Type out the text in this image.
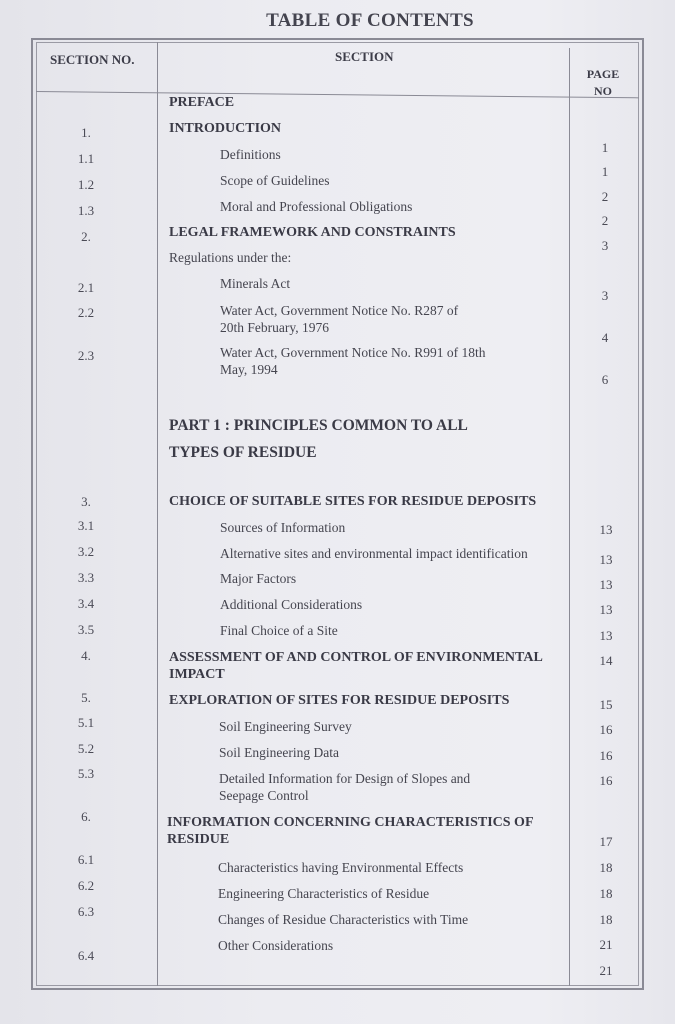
TABLE OF CONTENTS
SECTION NO.	SECTION
PAGE
NO
1.
1.1
1.2
1.3
2.
2.1
2.2
2.3
3.
3.1
3.2
3.3
3.4
3.5
4.
5.
5.1
5.2
5.3
6.
6.1
6.2
6.3
6.4
PREFACE
INTRODUCTION
Definitions
Scope of Guidelines
Moral and Professional Obligations
LEGAL FRAMEWORK AND CONSTRAINTS
Regulations under the:
Minerals Act
Water Act, Government Notice No. R287 of
20th February, 1976
Water Act, Government Notice No. R991 of 18th
May, 1994
PART 1 : PRINCIPLES COMMON TO ALL
TYPES OF RESIDUE
CHOICE OF SUITABLE SITES FOR RESIDUE DEPOSITS
Sources of Information
Alternative sites and environmental impact identification
Major Factors
Additional Considerations
Final Choice of a Site
ASSESSMENT OF AND CONTROL OF ENVIRONMENTAL
IMPACT
EXPLORATION OF SITES FOR RESIDUE DEPOSITS
Soil Engineering Survey
Soil Engineering Data
Detailed Information for Design of Slopes and
Seepage Control
INFORMATION CONCERNING CHARACTERISTICS OF
RESIDUE
Characteristics having Environmental Effects
Engineering Characteristics of Residue
Changes of Residue Characteristics with Time
Other Considerations
1
1
2
2
3
3
4
6
13
13
13
13
13
14
15
16
16
16
17
18
18
18
21
21
